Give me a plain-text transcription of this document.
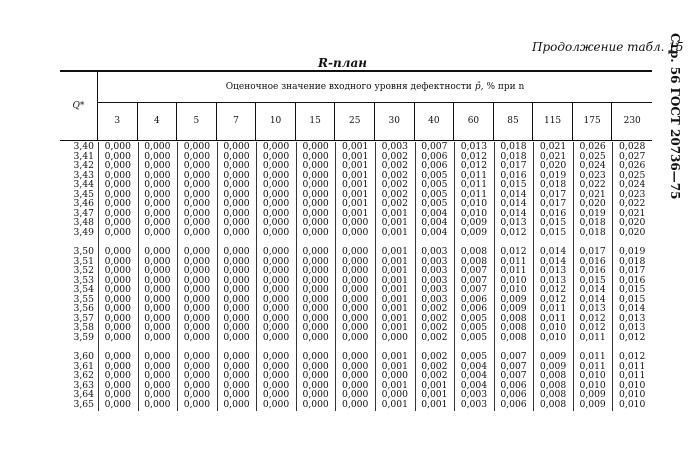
Продолжение табл. 15
R-план	Стр. 56 ГОСТ 20736—75
Q*
Оценочное значение входного уровня дефектности p̂, % при n
3	4	5	7	10	15	25	30	40	60	85	115	175	230
3,40	0,000	0,000	0,000	0,000	0,000	0,000	0,001	0,003	0,007	0,013	0,018	0,021	0,026	0,028
3,41	0,000	0,000	0,000	0,000	0,000	0,000	0,001	0,002	0,006	0,012	0,018	0,021	0,025	0,027
3,42	0,000	0,000	0,000	0,000	0,000	0,000	0,001	0,002	0,006	0,012	0,017	0,020	0,024	0,026
3,43	0,000	0,000	0,000	0,000	0,000	0,000	0,001	0,002	0,005	0,011	0,016	0,019	0,023	0,025
3,44	0,000	0,000	0,000	0,000	0,000	0,000	0,001	0,002	0,005	0,011	0,015	0,018	0,022	0,024
3,45	0,000	0,000	0,000	0,000	0,000	0,000	0,001	0,002	0,005	0,011	0,014	0,017	0,021	0,023
3,46	0,000	0,000	0,000	0,000	0,000	0,000	0,001	0,002	0,005	0,010	0,014	0,017	0,020	0,022
3,47	0,000	0,000	0,000	0,000	0,000	0,000	0,001	0,001	0,004	0,010	0,014	0,016	0,019	0,021
3,48	0,000	0,000	0,000	0,000	0,000	0,000	0,000	0,001	0,004	0,009	0,013	0,015	0,018	0,020
3,49	0,000	0,000	0,000	0,000	0,000	0,000	0,000	0,001	0,004	0,009	0,012	0,015	0,018	0,020
3,50	0,000	0,000	0,000	0,000	0,000	0,000	0,000	0,001	0,003	0,008	0,012	0,014	0,017	0,019
3,51	0,000	0,000	0,000	0,000	0,000	0,000	0,000	0,001	0,003	0,008	0,011	0,014	0,016	0,018
3,52	0,000	0,000	0,000	0,000	0,000	0,000	0,000	0,001	0,003	0,007	0,011	0,013	0,016	0,017
3,53	0,000	0,000	0,000	0,000	0,000	0,000	0,000	0,001	0,003	0,007	0,010	0,013	0,015	0,016
3,54	0,000	0,000	0,000	0,000	0,000	0,000	0,000	0,001	0,003	0,007	0,010	0,012	0,014	0,015
3,55	0,000	0,000	0,000	0,000	0,000	0,000	0,000	0,001	0,003	0,006	0,009	0,012	0,014	0,015
3,56	0,000	0,000	0,000	0,000	0,000	0,000	0,000	0,001	0,002	0,006	0,009	0,011	0,013	0,014
3,57	0,000	0,000	0,000	0,000	0,000	0,000	0,000	0,001	0,002	0,005	0,008	0,011	0,012	0,013
3,58	0,000	0,000	0,000	0,000	0,000	0,000	0,000	0,001	0,002	0,005	0,008	0,010	0,012	0,013
3,59	0,000	0,000	0,000	0,000	0,000	0,000	0,000	0,000	0,002	0,005	0,008	0,010	0,011	0,012
3,60	0,000	0,000	0,000	0,000	0,000	0,000	0,000	0,001	0,002	0,005	0,007	0,009	0,011	0,012
3,61	0,000	0,000	0,000	0,000	0,000	0,000	0,000	0,001	0,002	0,004	0,007	0,009	0,011	0,011
3,62	0,000	0,000	0,000	0,000	0,000	0,000	0,000	0,000	0,002	0,004	0,007	0,008	0,010	0,011
3,63	0,000	0,000	0,000	0,000	0,000	0,000	0,000	0,001	0,001	0,004	0,006	0,008	0,010	0,010
3,64	0,000	0,000	0,000	0,000	0,000	0,000	0,000	0,000	0,001	0,003	0,006	0,008	0,009	0,010
3,65	0,000	0,000	0,000	0,000	0,000	0,000	0,000	0,001	0,001	0,003	0,006	0,008	0,009	0,010
